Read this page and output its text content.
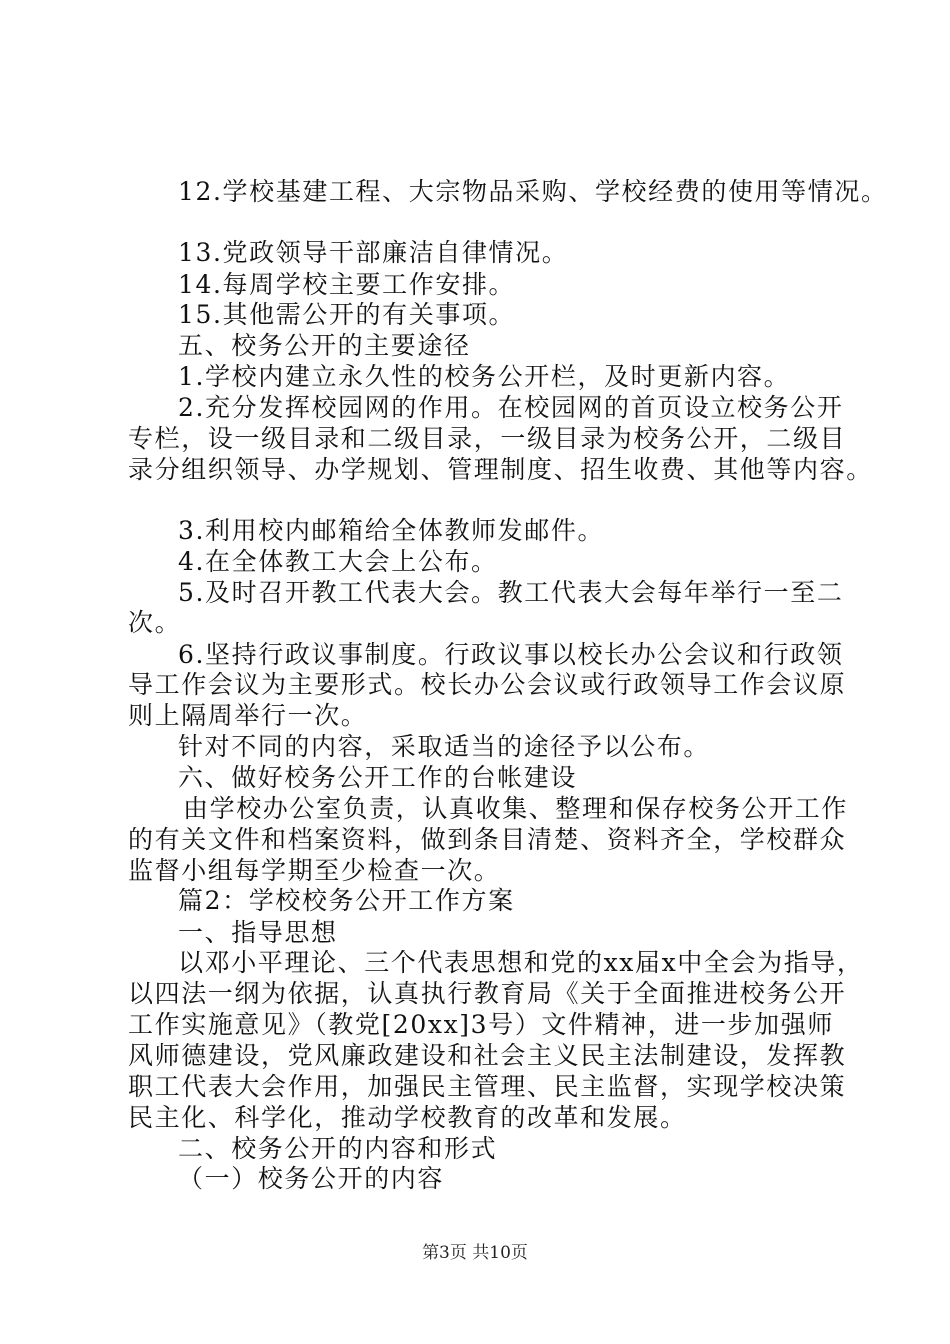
12.学校基建工程、大宗物品采购、学校经费的使用等情况。
13.党政领导干部廉洁自律情况。
14.每周学校主要工作安排。
15.其他需公开的有关事项。
五、校务公开的主要途径
1.学校内建立永久性的校务公开栏，及时更新内容。
2.充分发挥校园网的作用。在校园网的首页设立校务公开
专栏，设一级目录和二级目录，一级目录为校务公开，二级目
录分组织领导、办学规划、管理制度、招生收费、其他等内容。
3.利用校内邮箱给全体教师发邮件。
4.在全体教工大会上公布。
5.及时召开教工代表大会。教工代表大会每年举行一至二
次。
6.坚持行政议事制度。行政议事以校长办公会议和行政领
导工作会议为主要形式。校长办公会议或行政领导工作会议原
则上隔周举行一次。
针对不同的内容，采取适当的途径予以公布。
六、做好校务公开工作的台帐建设
由学校办公室负责，认真收集、整理和保存校务公开工作
的有关文件和档案资料，做到条目清楚、资料齐全，学校群众
监督小组每学期至少检查一次。
篇2：学校校务公开工作方案
一、指导思想
以邓小平理论、三个代表思想和党的xx届x中全会为指导，
以四法一纲为依据，认真执行教育局《关于全面推进校务公开
工作实施意见》（教党[20xx]3号）文件精神，进一步加强师
风师德建设，党风廉政建设和社会主义民主法制建设，发挥教
职工代表大会作用，加强民主管理、民主监督，实现学校决策
民主化、科学化，推动学校教育的改革和发展。
二、校务公开的内容和形式
（一）校务公开的内容
第3页 共10页
